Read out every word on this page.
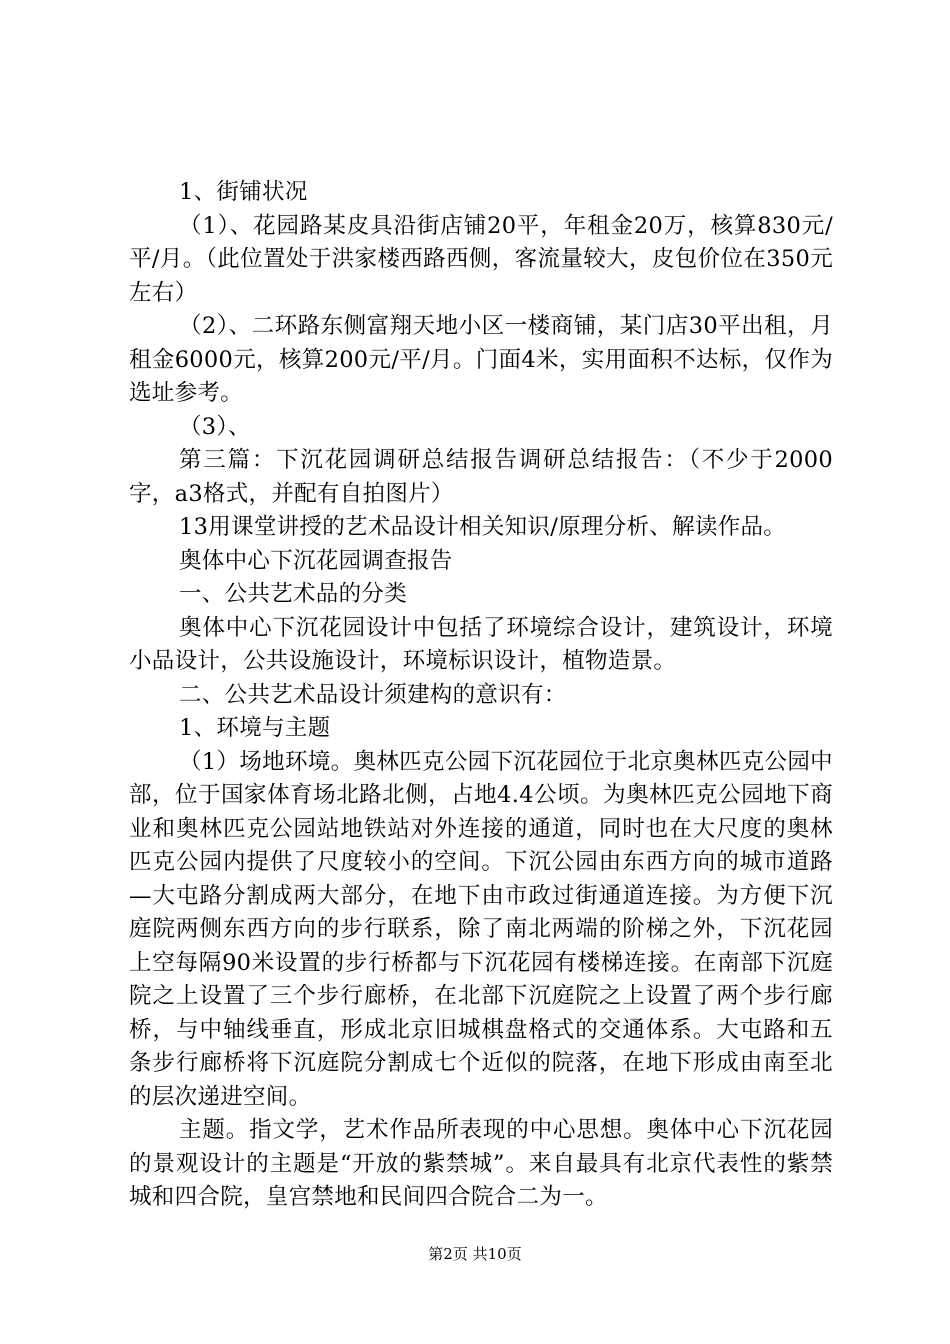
1、街铺状况

（1）、花园路某皮具沿街店铺20平，年租金20万，核算830元/平/月。（此位置处于洪家楼西路西侧，客流量较大，皮包价位在350元左右）

（2）、二环路东侧富翔天地小区一楼商铺，某门店30平出租，月租金6000元，核算200元/平/月。门面4米，实用面积不达标，仅作为选址参考。

（3）、

第三篇：下沉花园调研总结报告调研总结报告：（不少于2000字，a3格式，并配有自拍图片）

13用课堂讲授的艺术品设计相关知识/原理分析、解读作品。

奥体中心下沉花园调查报告

一、公共艺术品的分类

奥体中心下沉花园设计中包括了环境综合设计，建筑设计，环境小品设计，公共设施设计，环境标识设计，植物造景。

二、公共艺术品设计须建构的意识有：

1、环境与主题

（1）场地环境。奥林匹克公园下沉花园位于北京奥林匹克公园中部，位于国家体育场北路北侧，占地4.4公顷。为奥林匹克公园地下商业和奥林匹克公园站地铁站对外连接的通道，同时也在大尺度的奥林匹克公园内提供了尺度较小的空间。下沉公园由东西方向的城市道路—大屯路分割成两大部分，在地下由市政过街通道连接。为方便下沉庭院两侧东西方向的步行联系，除了南北两端的阶梯之外，下沉花园上空每隔90米设置的步行桥都与下沉花园有楼梯连接。在南部下沉庭院之上设置了三个步行廊桥，在北部下沉庭院之上设置了两个步行廊桥，与中轴线垂直，形成北京旧城棋盘格式的交通体系。大屯路和五条步行廊桥将下沉庭院分割成七个近似的院落，在地下形成由南至北的层次递进空间。

主题。指文学，艺术作品所表现的中心思想。奥体中心下沉花园的景观设计的主题是“开放的紫禁城”。来自最具有北京代表性的紫禁城和四合院，皇宫禁地和民间四合院合二为一。

第2页 共10页
